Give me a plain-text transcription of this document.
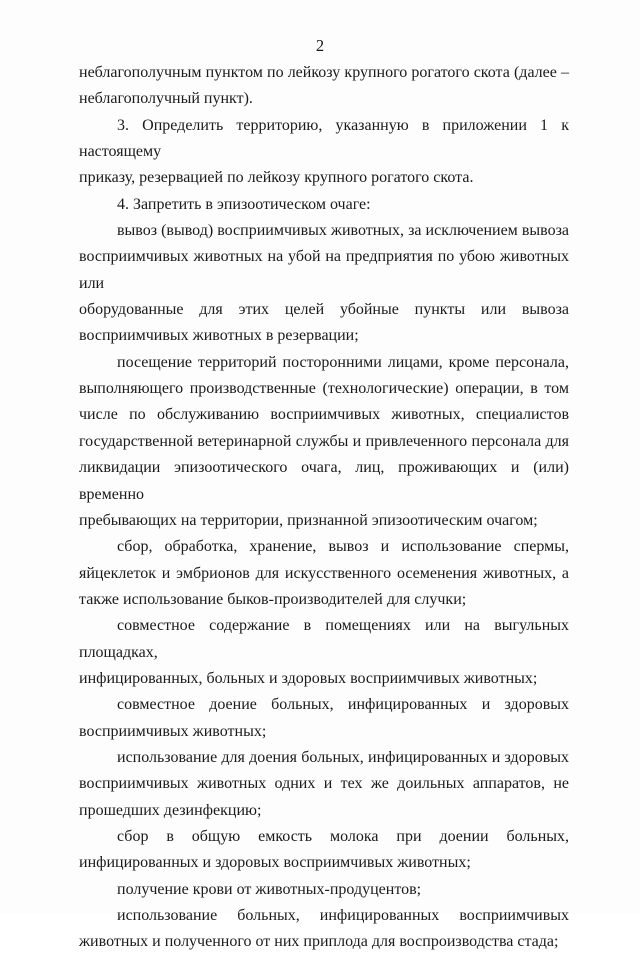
2

неблагополучным пунктом по лейкозу крупного рогатого скота (далее –

неблагополучный пункт).

3. Определить территорию, указанную в приложении 1 к настоящему

приказу, резервацией по лейкозу крупного рогатого скота.

4. Запретить в эпизоотическом очаге:

вывоз (вывод) восприимчивых животных, за исключением вывоза

восприимчивых животных на убой на предприятия по убою животных или

оборудованные для этих целей убойные пункты или вывоза

восприимчивых животных в резервации;

посещение территорий посторонними лицами, кроме персонала,

выполняющего производственные (технологические) операции, в том

числе по обслуживанию восприимчивых животных, специалистов

государственной ветеринарной службы и привлеченного персонала для

ликвидации эпизоотического очага, лиц, проживающих и (или) временно

пребывающих на территории, признанной эпизоотическим очагом;

сбор, обработка, хранение, вывоз и использование спермы,

яйцеклеток и эмбрионов для искусственного осеменения животных, а

также использование быков-производителей для случки;

совместное содержание в помещениях или на выгульных площадках,

инфицированных, больных и здоровых восприимчивых животных;

совместное доение больных, инфицированных и здоровых

восприимчивых животных;

использование для доения больных, инфицированных и здоровых

восприимчивых животных одних и тех же доильных аппаратов, не

прошедших дезинфекцию;

сбор в общую емкость молока при доении больных,

инфицированных и здоровых восприимчивых животных;

получение крови от животных-продуцентов;

использование больных, инфицированных восприимчивых

животных и полученного от них приплода для воспроизводства стада;
